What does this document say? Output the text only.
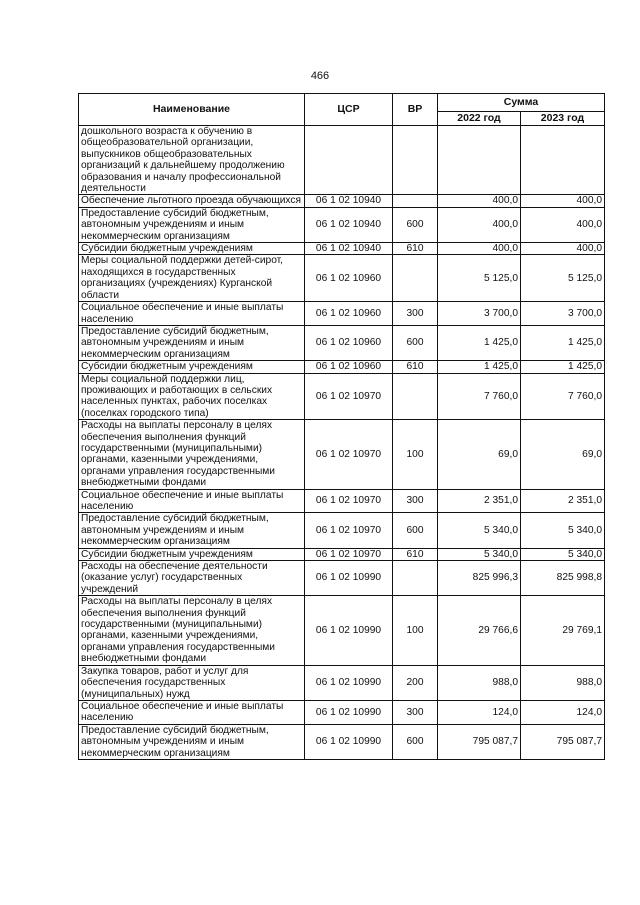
466
Наименование	ЦСР	ВР	Сумма	
			2022 год	2023 год
дошкольного возраста к обучению в общеобразовательной организации, выпускников общеобразовательных организаций к дальнейшему продолжению образования и началу профессиональной деятельности				
Обеспечение льготного проезда обучающихся	06 1 02 10940		400,0	400,0
Предоставление субсидий бюджетным, автономным учреждениям и иным некоммерческим организациям	06 1 02 10940	600	400,0	400,0
Субсидии бюджетным учреждениям	06 1 02 10940	610	400,0	400,0
Меры социальной поддержки детей-сирот, находящихся в государственных организациях (учреждениях) Курганской области	06 1 02 10960		5 125,0	5 125,0
Социальное обеспечение и иные выплаты населению	06 1 02 10960	300	3 700,0	3 700,0
Предоставление субсидий бюджетным, автономным учреждениям и иным некоммерческим организациям	06 1 02 10960	600	1 425,0	1 425,0
Субсидии бюджетным учреждениям	06 1 02 10960	610	1 425,0	1 425,0
Меры социальной поддержки лиц, проживающих и работающих в сельских населенных пунктах, рабочих поселках (поселках городского типа)	06 1 02 10970		7 760,0	7 760,0
Расходы на выплаты персоналу в целях обеспечения выполнения функций государственными (муниципальными) органами, казенными учреждениями, органами управления государственными внебюджетными фондами	06 1 02 10970	100	69,0	69,0
Социальное обеспечение и иные выплаты населению	06 1 02 10970	300	2 351,0	2 351,0
Предоставление субсидий бюджетным, автономным учреждениям и иным некоммерческим организациям	06 1 02 10970	600	5 340,0	5 340,0
Субсидии бюджетным учреждениям	06 1 02 10970	610	5 340,0	5 340,0
Расходы на обеспечение деятельности (оказание услуг) государственных учреждений	06 1 02 10990		825 996,3	825 998,8
Расходы на выплаты персоналу в целях обеспечения выполнения функций государственными (муниципальными) органами, казенными учреждениями, органами управления государственными внебюджетными фондами	06 1 02 10990	100	29 766,6	29 769,1
Закупка товаров, работ и услуг для обеспечения государственных (муниципальных) нужд	06 1 02 10990	200	988,0	988,0
Социальное обеспечение и иные выплаты населению	06 1 02 10990	300	124,0	124,0
Предоставление субсидий бюджетным, автономным учреждениям и иным некоммерческим организациям	06 1 02 10990	600	795 087,7	795 087,7
